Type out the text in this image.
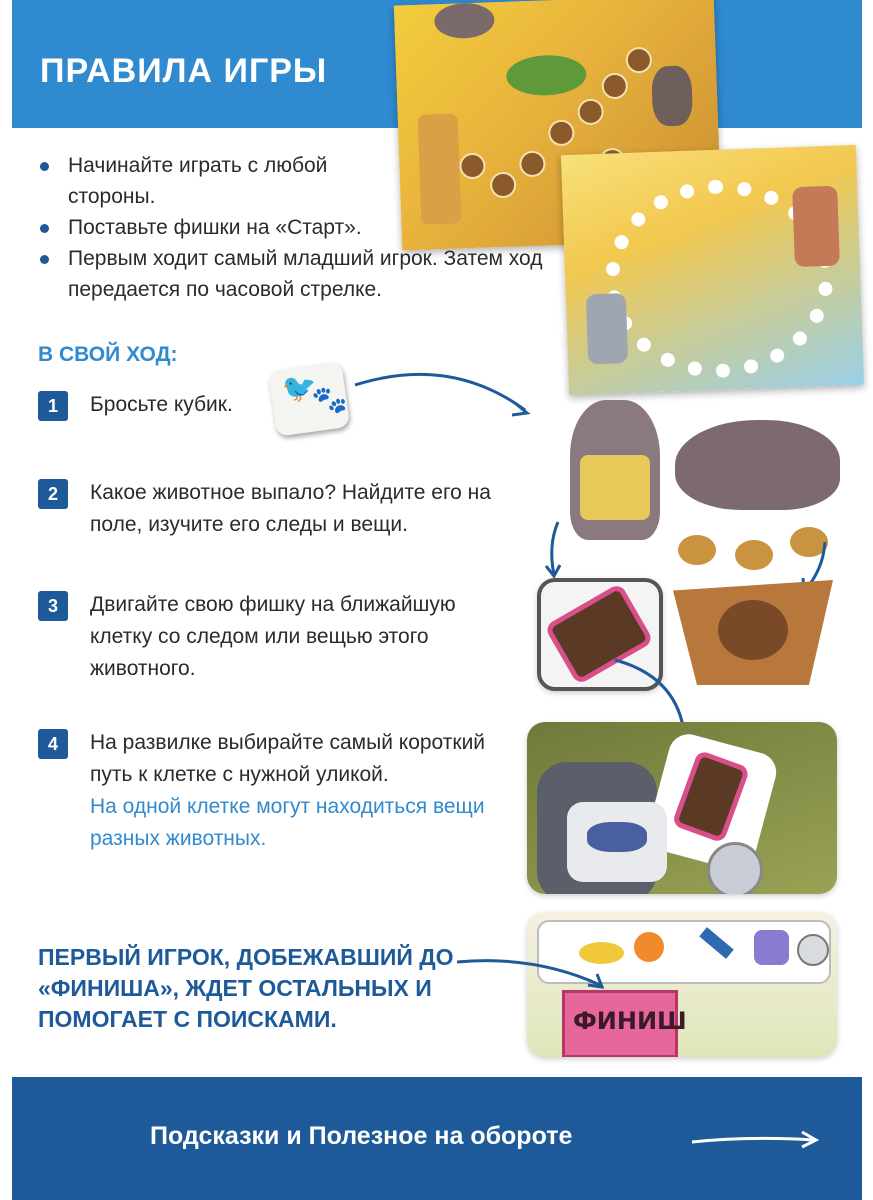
ПРАВИЛА ИГРЫ
Начинайте играть с любой стороны.
Поставьте фишки на «Старт».
Первым ходит самый младший игрок. Затем ход передается по часовой стрелке.
В СВОЙ ХОД:
1	Бросьте кубик.	🐦
🐾
2	Какое животное выпало? Найдите его на поле, изучите его следы и вещи.
3	Двигайте свою фишку на ближайшую клетку со следом или вещью этого животного.
4	На развилке выбирайте самый короткий путь к клетке с нужной уликой.
На одной клетке могут находиться вещи разных животных.
ПЕРВЫЙ ИГРОК, ДОБЕЖАВШИЙ ДО «ФИНИША», ЖДЕТ ОСТАЛЬНЫХ И ПОМОГАЕТ С ПОИСКАМИ.	ФИНИШ
Подсказки и Полезное на обороте
